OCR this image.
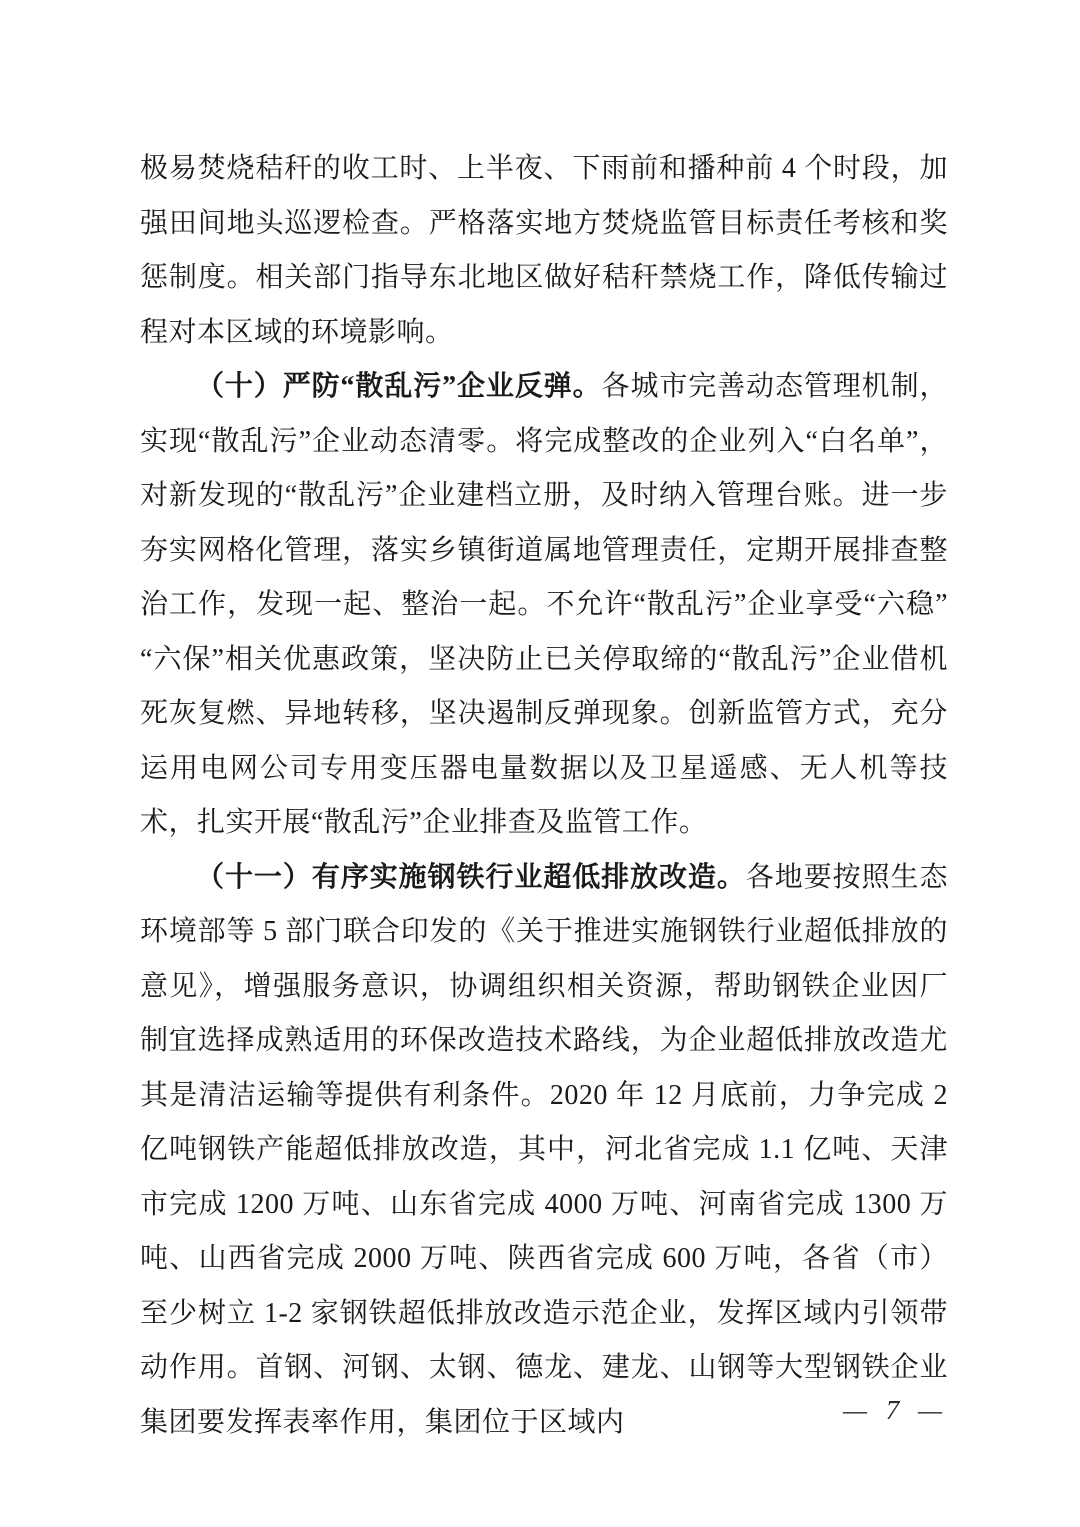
极易焚烧秸秆的收工时、上半夜、下雨前和播种前 4 个时段，加强田间地头巡逻检查。严格落实地方焚烧监管目标责任考核和奖惩制度。相关部门指导东北地区做好秸秆禁烧工作，降低传输过程对本区域的环境影响。

（十）严防“散乱污”企业反弹。各城市完善动态管理机制，实现“散乱污”企业动态清零。将完成整改的企业列入“白名单”，对新发现的“散乱污”企业建档立册，及时纳入管理台账。进一步夯实网格化管理，落实乡镇街道属地管理责任，定期开展排查整治工作，发现一起、整治一起。不允许“散乱污”企业享受“六稳”“六保”相关优惠政策，坚决防止已关停取缔的“散乱污”企业借机死灰复燃、异地转移，坚决遏制反弹现象。创新监管方式，充分运用电网公司专用变压器电量数据以及卫星遥感、无人机等技术，扎实开展“散乱污”企业排查及监管工作。

（十一）有序实施钢铁行业超低排放改造。各地要按照生态环境部等 5 部门联合印发的《关于推进实施钢铁行业超低排放的意见》，增强服务意识，协调组织相关资源，帮助钢铁企业因厂制宜选择成熟适用的环保改造技术路线，为企业超低排放改造尤其是清洁运输等提供有利条件。2020 年 12 月底前，力争完成 2 亿吨钢铁产能超低排放改造，其中，河北省完成 1.1 亿吨、天津市完成 1200 万吨、山东省完成 4000 万吨、河南省完成 1300 万吨、山西省完成 2000 万吨、陕西省完成 600 万吨，各省（市）至少树立 1-2 家钢铁超低排放改造示范企业，发挥区域内引领带动作用。首钢、河钢、太钢、德龙、建龙、山钢等大型钢铁企业集团要发挥表率作用，集团位于区域内	— 7 —
